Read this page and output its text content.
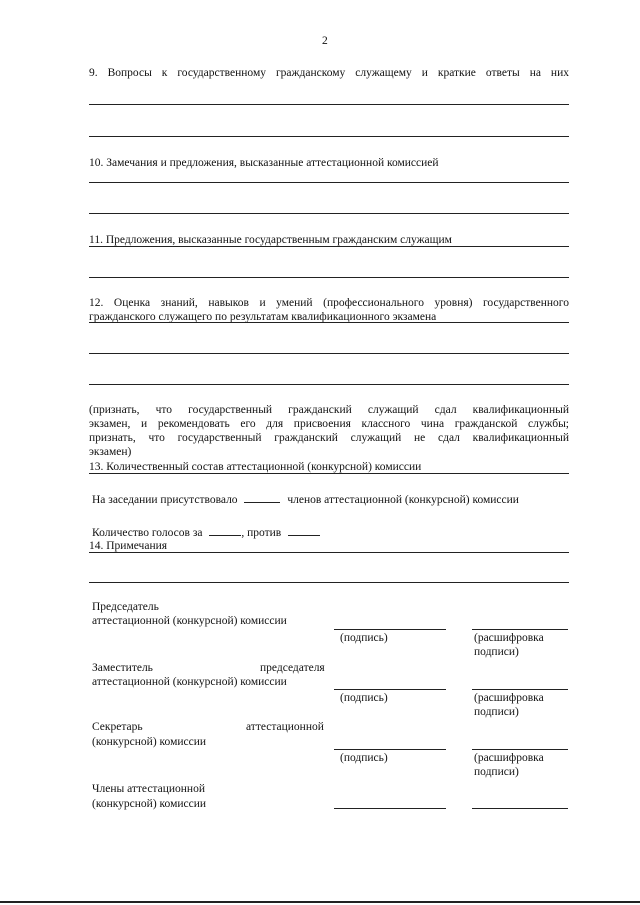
2
9. Вопросы к государственному гражданскому служащему и краткие ответы на них
10. Замечания и предложения, высказанные аттестационной комиссией
11. Предложения, высказанные государственным гражданским служащим
12. Оценка знаний, навыков и умений (профессионального уровня) государственного
гражданского служащего по результатам квалификационного экзамена
(признать, что государственный гражданский служащий сдал квалификационный
экзамен, и рекомендовать его для присвоения классного чина гражданской службы;
признать, что государственный гражданский служащий не сдал квалификационный
экзамен)
13. Количественный состав аттестационной (конкурсной) комиссии
На заседании присутствовало	членов аттестационной (конкурсной) комиссии
Количество голосов за	, против
14. Примечания
Председатель
аттестационной (конкурсной) комиссии
(подпись)	(расшифровка
подписи)
Заместитель	председателя
аттестационной (конкурсной) комиссии
(подпись)	(расшифровка
подписи)
Секретарь	аттестационной
(конкурсной) комиссии
(подпись)	(расшифровка
подписи)
Члены аттестационной
(конкурсной) комиссии
